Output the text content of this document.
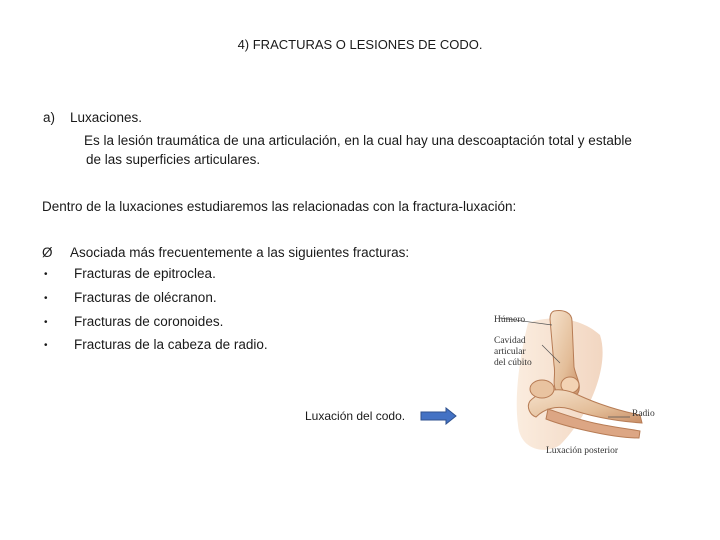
4) FRACTURAS O LESIONES DE CODO.
a) Luxaciones.
Es la lesión traumática de una articulación, en la cual hay una descoaptación total y estable
de las superficies articulares.
Dentro de la luxaciones estudiaremos las relacionadas con la fractura-luxación:
Ø Asociada más frecuentemente a las siguientes fracturas:
• Fracturas de epitroclea.
• Fracturas de olécranon.
• Fracturas de coronoides.
• Fracturas de la cabeza de radio.
Luxación del codo.
Húmero
Cavidad
articular
del cúbito
Radio
Luxación posterior
